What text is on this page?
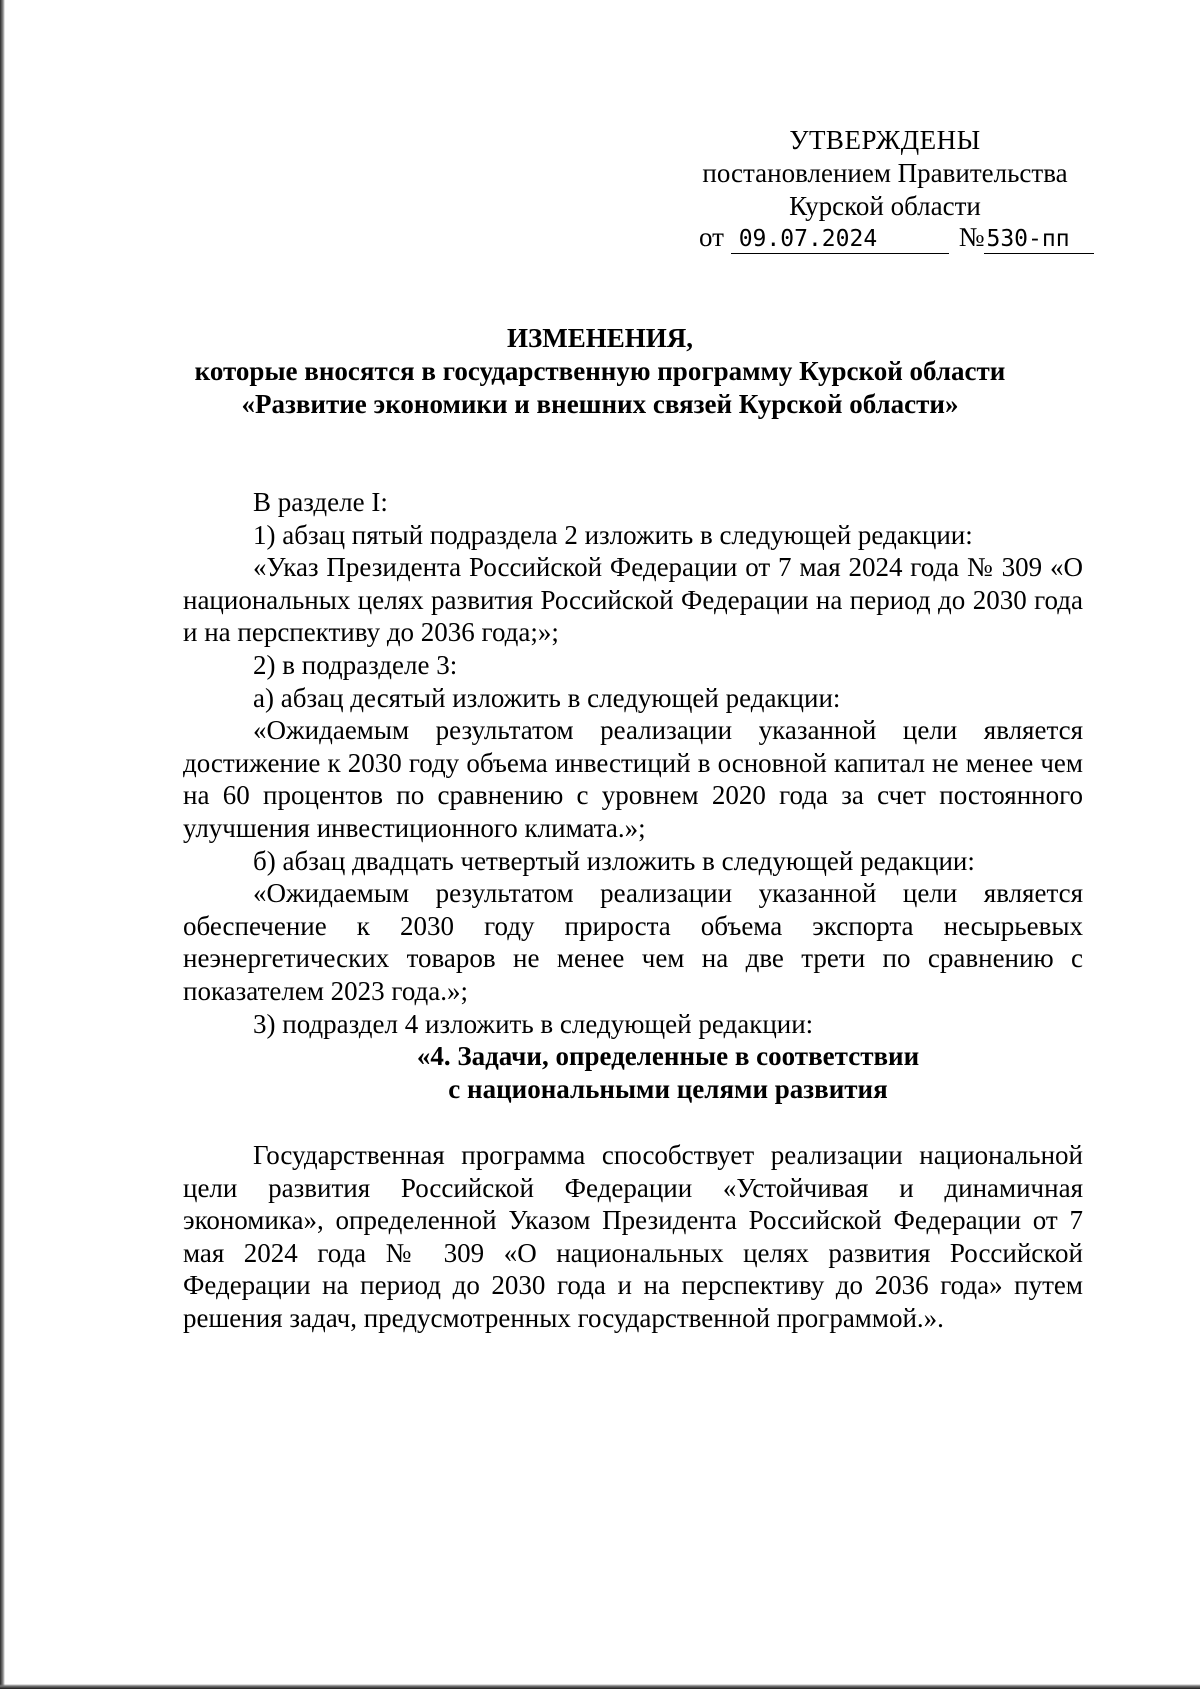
УТВЕРЖДЕНЫ
постановлением Правительства
Курской области
от 09.07.2024	№530-пп
ИЗМЕНЕНИЯ,
которые вносятся в государственную программу Курской области
«Развитие экономики и внешних связей Курской области»

В разделе I:

1) абзац пятый подраздела 2 изложить в следующей редакции:

«Указ Президента Российской Федерации от 7 мая 2024 года № 309 «О национальных целях развития Российской Федерации на период до 2030 года и на перспективу до 2036 года;»;

2) в подразделе 3:

а) абзац десятый изложить в следующей редакции:

«Ожидаемым результатом реализации указанной цели является достижение к 2030 году объема инвестиций в основной капитал не менее чем на 60 процентов по сравнению с уровнем 2020 года за счет постоянного улучшения инвестиционного климата.»;

б) абзац двадцать четвертый изложить в следующей редакции:

«Ожидаемым результатом реализации указанной цели является обеспечение к 2030 году прироста объема экспорта несырьевых неэнергетических товаров не менее чем на две трети по сравнению с показателем 2023 года.»;

3) подраздел 4 изложить в следующей редакции:

«4. Задачи, определенные в соответствии

с национальными целями развития

Государственная программа способствует реализации национальной цели развития Российской Федерации «Устойчивая и динамичная экономика», определенной Указом Президента Российской Федерации от 7 мая 2024 года № 309 «О национальных целях развития Российской Федерации на период до 2030 года и на перспективу до 2036 года» путем решения задач, предусмотренных государственной программой.».
